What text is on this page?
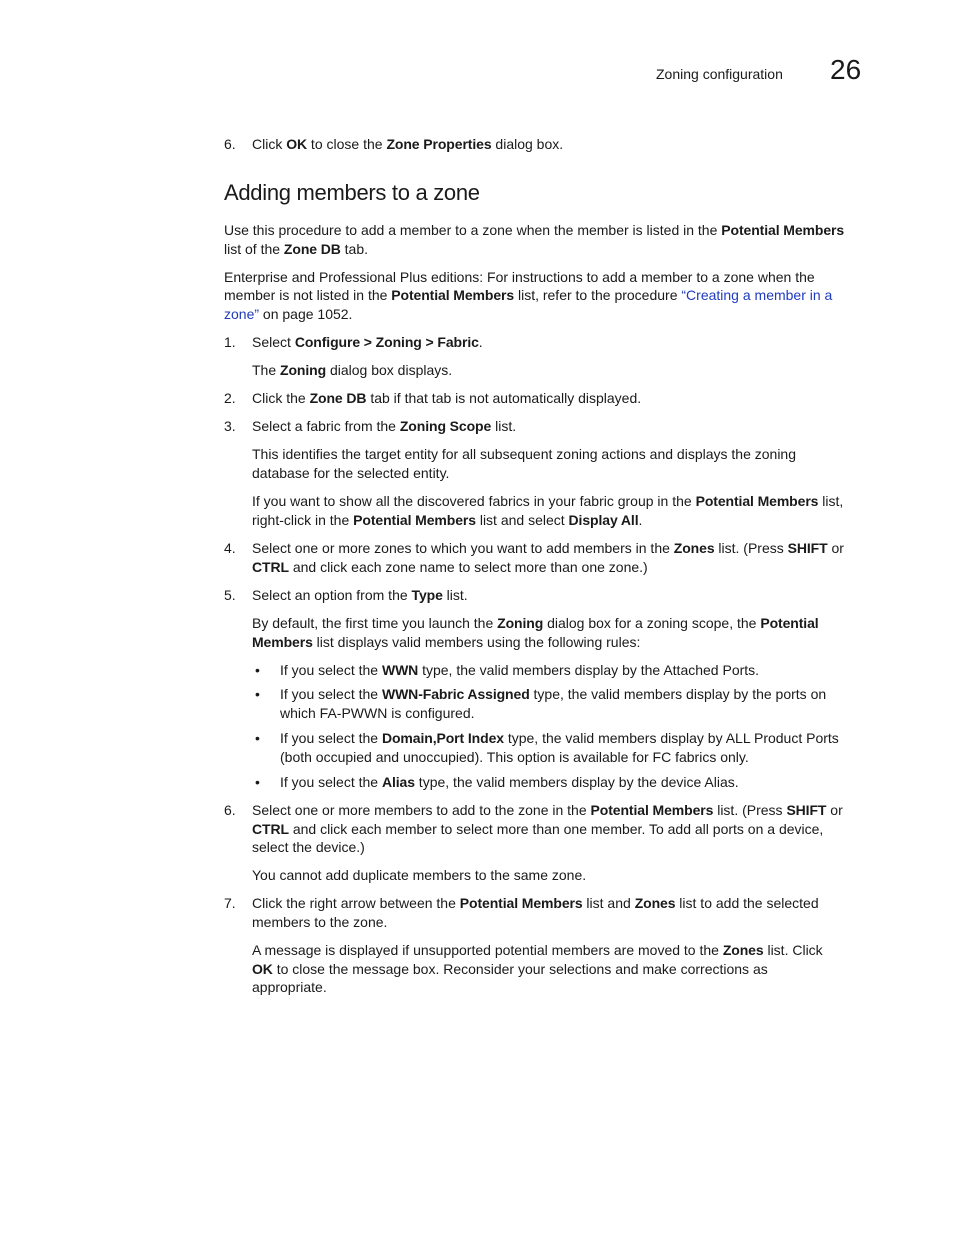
Zoning configuration 26
6.	Click OK to close the Zone Properties dialog box.
Adding members to a zone
Use this procedure to add a member to a zone when the member is listed in the Potential Members
list of the Zone DB tab.
Enterprise and Professional Plus editions: For instructions to add a member to a zone when the
member is not listed in the Potential Members list, refer to the procedure “Creating a member in a
zone” on page 1052.
1.	Select Configure > Zoning > Fabric.
The Zoning dialog box displays.
2.	Click the Zone DB tab if that tab is not automatically displayed.
3.	Select a fabric from the Zoning Scope list.
This identifies the target entity for all subsequent zoning actions and displays the zoning
database for the selected entity.
If you want to show all the discovered fabrics in your fabric group in the Potential Members list,
right-click in the Potential Members list and select Display All.
4.	Select one or more zones to which you want to add members in the Zones list. (Press SHIFT or
CTRL and click each zone name to select more than one zone.)
5.	Select an option from the Type list.
By default, the first time you launch the Zoning dialog box for a zoning scope, the Potential
Members list displays valid members using the following rules:
• If you select the WWN type, the valid members display by the Attached Ports.
• If you select the WWN-Fabric Assigned type, the valid members display by the ports on
which FA-PWWN is configured.
• If you select the Domain,Port Index type, the valid members display by ALL Product Ports
(both occupied and unoccupied). This option is available for FC fabrics only.
• If you select the Alias type, the valid members display by the device Alias.
6.	Select one or more members to add to the zone in the Potential Members list. (Press SHIFT or
CTRL and click each member to select more than one member. To add all ports on a device,
select the device.)
You cannot add duplicate members to the same zone.
7.	Click the right arrow between the Potential Members list and Zones list to add the selected
members to the zone.
A message is displayed if unsupported potential members are moved to the Zones list. Click
OK to close the message box. Reconsider your selections and make corrections as
appropriate.
